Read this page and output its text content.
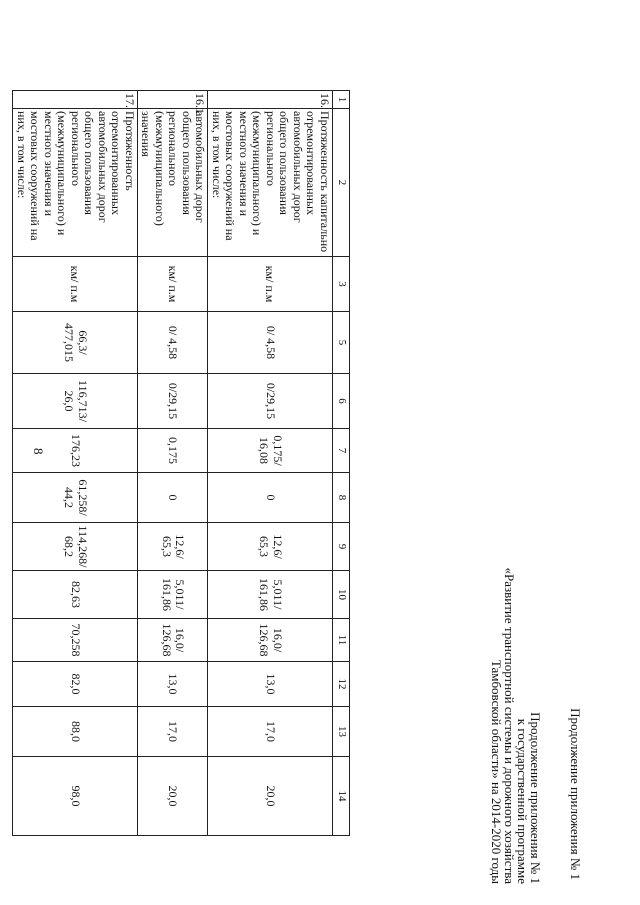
8
Продолжение приложения № 1
Продолжение приложения № 1
к государственной программе
«Развитие транспортной системы и дорожного хозяйства
Тамбовской области» на 2014-2020 годы
1	2	3	5	6	7	8	9	10	11	12	13	14
16.	Протяженность капитально отремонтированных автомобильных дорог общего пользования регионального (межмуниципального) и местного значения и мостовых сооружений на них, в том числе:	км/ п.м	0/ 4,58	0/29,15	0,175/ 16,08	0	12,6/ 65,3	5,011/ 161,86	16,0/ 126,68	13,0	17,0	20,0
16.1	автомобильных дорог общего пользования регионального (межмуниципального) значения	км/ п.м	0/ 4,58	0/29,15	0,175	0	12,6/ 65,3	5,011/ 161,86	16,0/ 126,68	13,0	17,0	20,0
17.	Протяженность отремонтированных автомобильных дорог общего пользования регионального (межмуниципального) и местного значения и мостовых сооружений на них, в том числе:	км/ п.м	66,3/ 477,015	116,713/ 26,0	176,23	61,258/ 44,2	114,268/ 68,2	82,63	70,258	82,0	88,0	98,0
